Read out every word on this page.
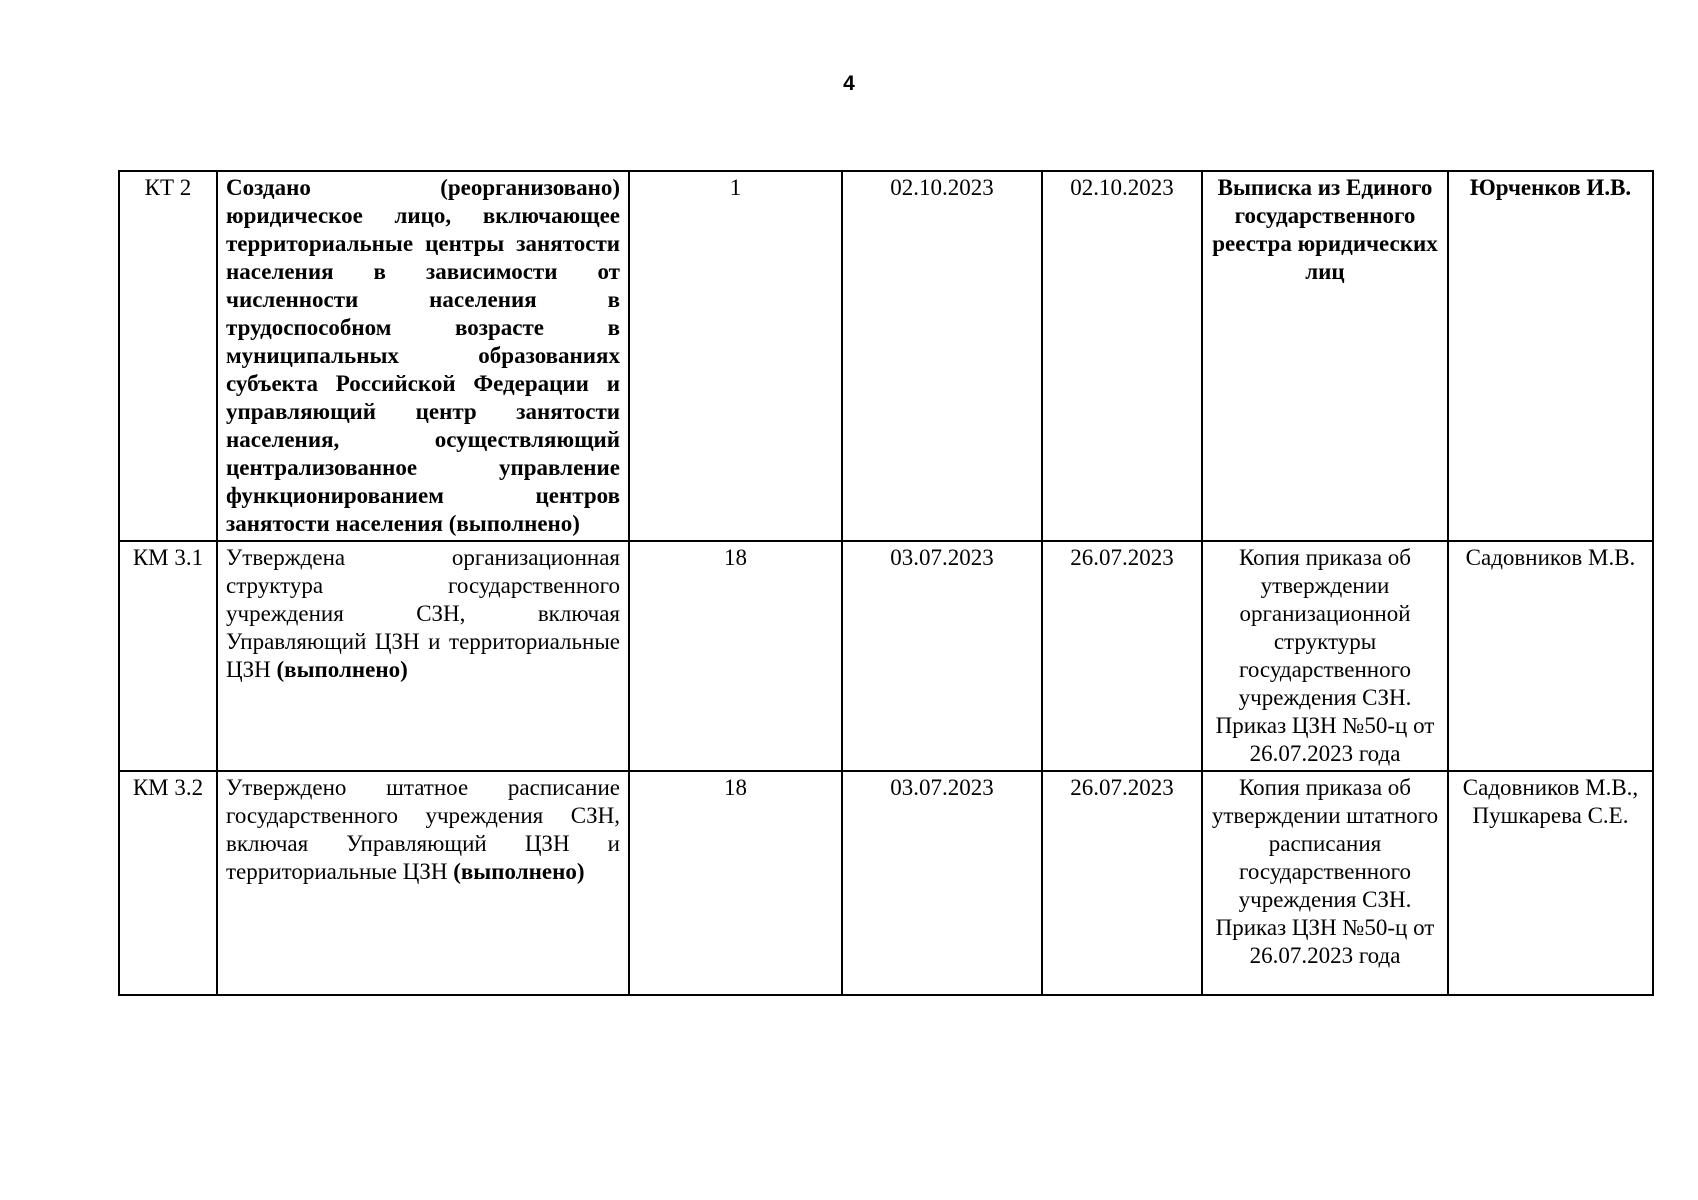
4
КТ 2	Создано (реорганизовано) юридическое лицо, включающее территориальные центры занятости населения в зависимости от численности населения в трудоспособном возрасте в муниципальных образованиях субъекта Российской Федерации и управляющий центр занятости населения, осуществляющий централизованное управление функционированием центров занятости населения (выполнено)	1	02.10.2023	02.10.2023	Выписка из Единого государственного реестра юридических лиц	Юрченков И.В.
КМ 3.1	Утверждена организационная структура государственного учреждения СЗН, включая Управляющий ЦЗН и территориальные ЦЗН (выполнено)	18	03.07.2023	26.07.2023	Копия приказа об утверждении организационной структуры государственного учреждения СЗН. Приказ ЦЗН №50-ц от 26.07.2023 года	Садовников М.В.
КМ 3.2	Утверждено штатное расписание государственного учреждения СЗН, включая Управляющий ЦЗН и территориальные ЦЗН (выполнено)	18	03.07.2023	26.07.2023	Копия приказа об утверждении штатного расписания государственного учреждения СЗН. Приказ ЦЗН №50-ц от 26.07.2023 года	Садовников М.В., Пушкарева С.Е.
